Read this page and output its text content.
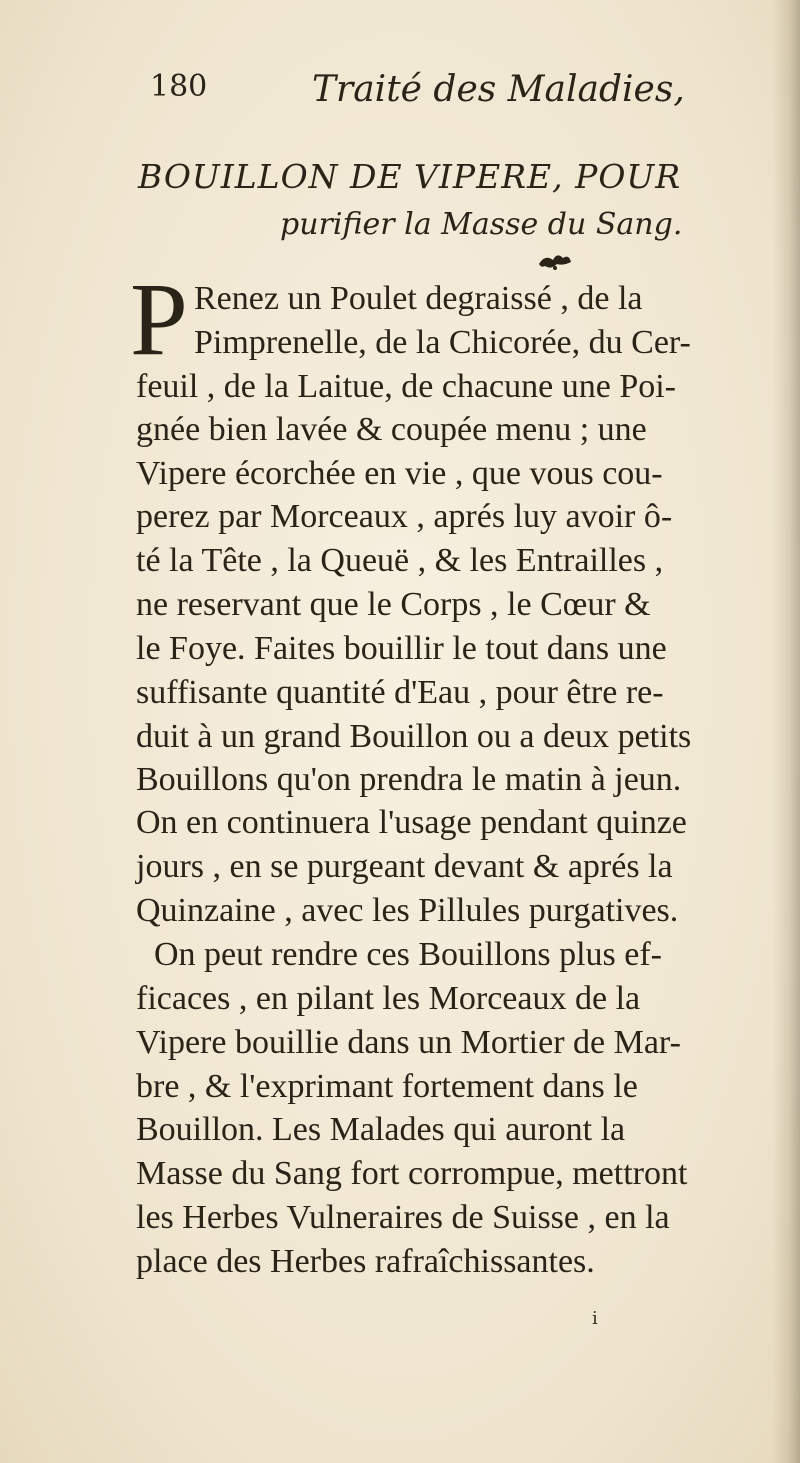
180	Traité des Maladies,
BOUILLON DE VIPERE, POUR
purifier la Masse du Sang.
P Renez un Poulet degraissé , de la
Pimprenelle, de la Chicorée, du Cer-
feuil , de la Laitue, de chacune une Poi-
gnée bien lavée & coupée menu ; une
Vipere écorchée en vie , que vous cou-
perez par Morceaux , aprés luy avoir ô-
té la Tête , la Queuë , & les Entrailles ,
ne reservant que le Corps , le Cœur &
le Foye. Faites bouillir le tout dans une
suffisante quantité d'Eau , pour être re-
duit à un grand Bouillon ou a deux petits
Bouillons qu'on prendra le matin à jeun.
On en continuera l'usage pendant quinze
jours , en se purgeant devant & aprés la
Quinzaine , avec les Pillules purgatives.
On peut rendre ces Bouillons plus ef-
ficaces , en pilant les Morceaux de la
Vipere bouillie dans un Mortier de Mar-
bre , & l'exprimant fortement dans le
Bouillon. Les Malades qui auront la
Masse du Sang fort corrompue, mettront
les Herbes Vulneraires de Suisse , en la
place des Herbes rafraîchissantes.
i
